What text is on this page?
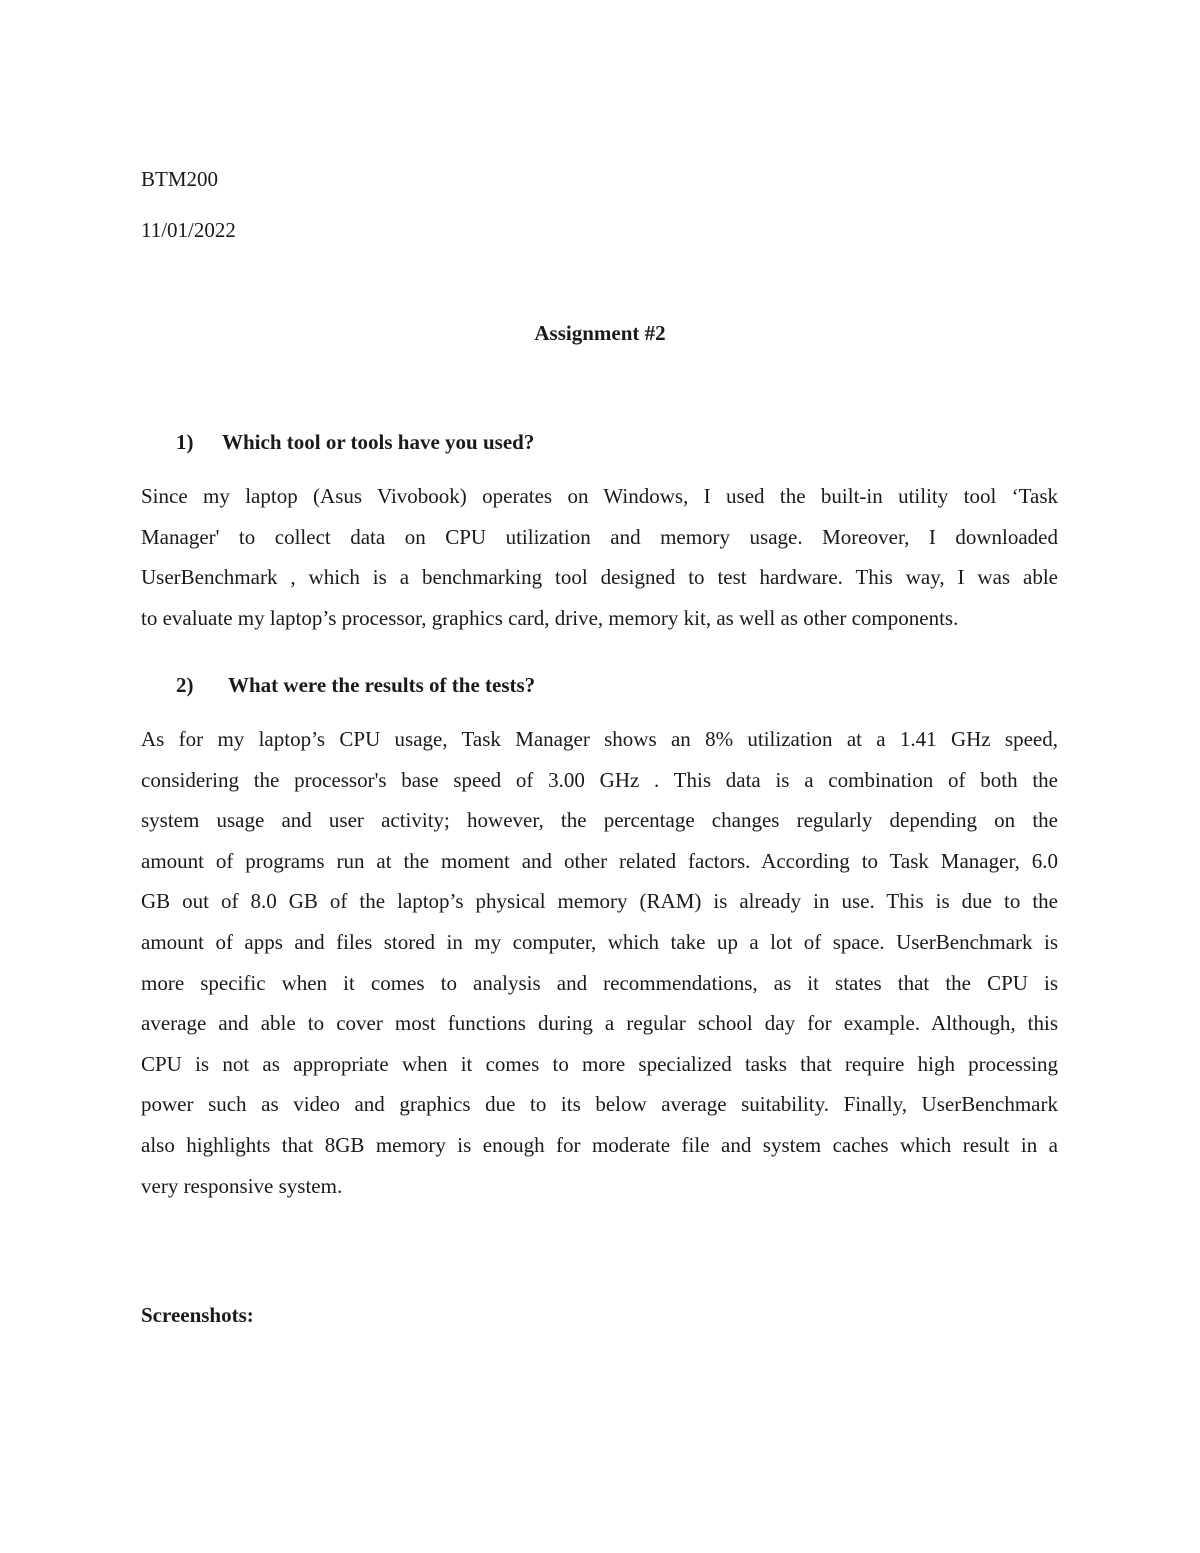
BTM200
11/01/2022
Assignment #2
1) Which tool or tools have you used?
Since my laptop (Asus Vivobook) operates on Windows, I used the built-in utility tool ‘Task
Manager' to collect data on CPU utilization and memory usage. Moreover, I downloaded
UserBenchmark , which is a benchmarking tool designed to test hardware. This way, I was able
to evaluate my laptop’s processor, graphics card, drive, memory kit, as well as other components.
2) What were the results of the tests?
As for my laptop’s CPU usage, Task Manager shows an 8% utilization at a 1.41 GHz speed,
considering the processor's base speed of 3.00 GHz . This data is a combination of both the
system usage and user activity; however, the percentage changes regularly depending on the
amount of programs run at the moment and other related factors. According to Task Manager, 6.0
GB out of 8.0 GB of the laptop’s physical memory (RAM) is already in use. This is due to the
amount of apps and files stored in my computer, which take up a lot of space. UserBenchmark is
more specific when it comes to analysis and recommendations, as it states that the CPU is
average and able to cover most functions during a regular school day for example. Although, this
CPU is not as appropriate when it comes to more specialized tasks that require high processing
power such as video and graphics due to its below average suitability. Finally, UserBenchmark
also highlights that 8GB memory is enough for moderate file and system caches which result in a
very responsive system.
Screenshots:
